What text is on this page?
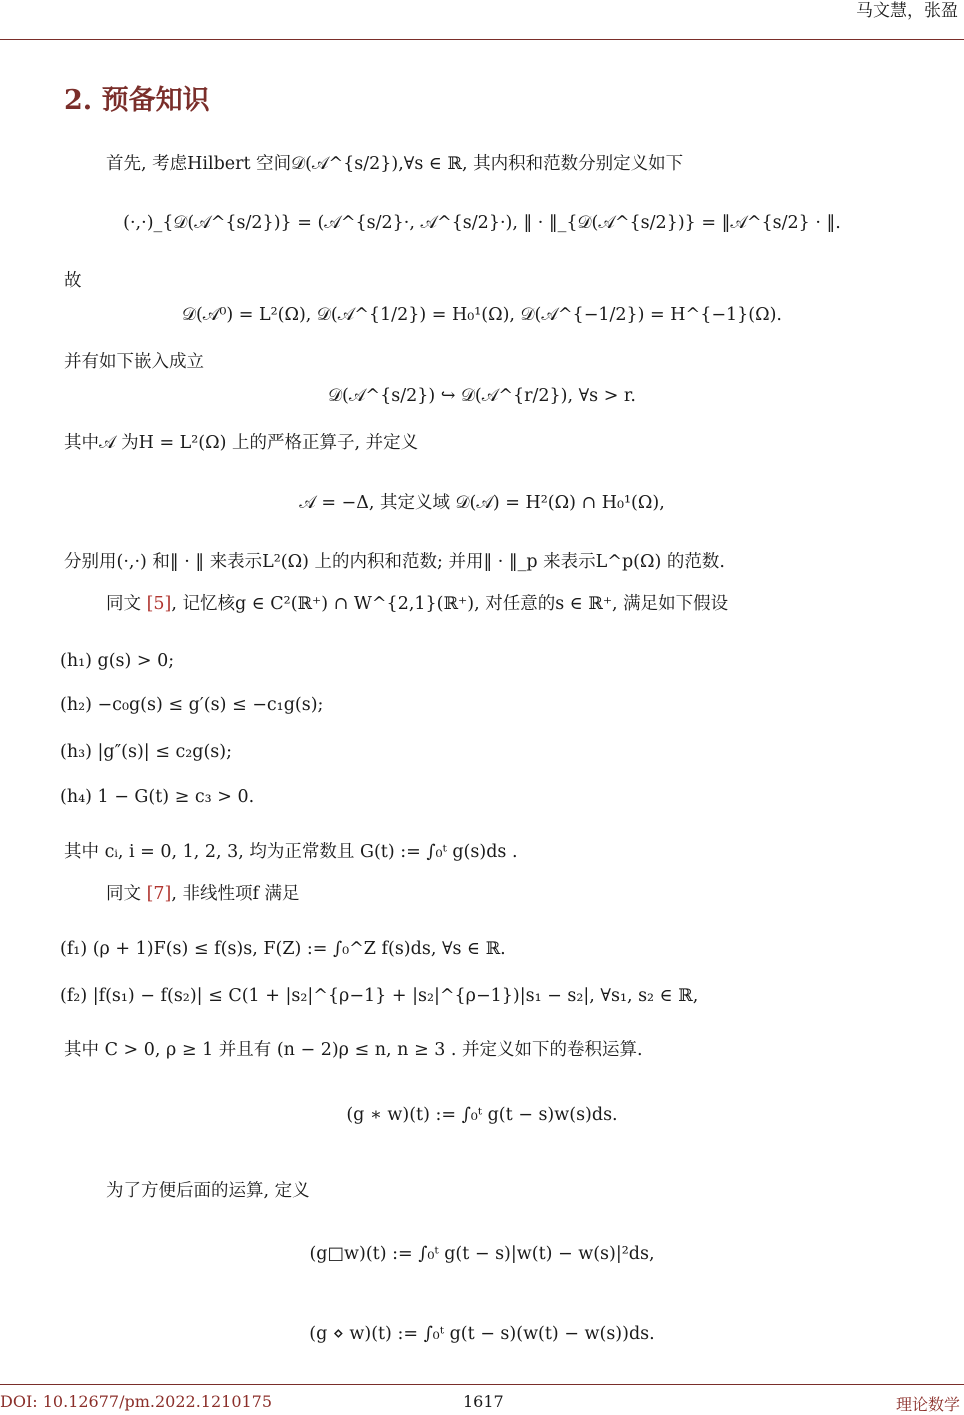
马文慧，张盈
2. 预备知识
首先, 考虑Hilbert 空间𝒟(𝒜^{s/2}),∀s ∈ ℝ, 其内积和范数分别定义如下
(·,·)_{𝒟(𝒜^{s/2})} = (𝒜^{s/2}·, 𝒜^{s/2}·), ‖ · ‖_{𝒟(𝒜^{s/2})} = ‖𝒜^{s/2} · ‖.
故
𝒟(𝒜⁰) = L²(Ω), 𝒟(𝒜^{1/2}) = H₀¹(Ω), 𝒟(𝒜^{−1/2}) = H^{−1}(Ω).
并有如下嵌入成立
𝒟(𝒜^{s/2}) ↪ 𝒟(𝒜^{r/2}), ∀s > r.
其中𝒜 为H = L²(Ω) 上的严格正算子, 并定义
𝒜 = −Δ, 其定义域 𝒟(𝒜) = H²(Ω) ∩ H₀¹(Ω),
分别用(·,·) 和‖ · ‖ 来表示L²(Ω) 上的内积和范数; 并用‖ · ‖_p 来表示L^p(Ω) 的范数.
同文 [5], 记忆核g ∈ C²(ℝ⁺) ∩ W^{2,1}(ℝ⁺), 对任意的s ∈ ℝ⁺, 满足如下假设
(h₁) g(s) > 0;
(h₂) −c₀g(s) ≤ g′(s) ≤ −c₁g(s);
(h₃) |g″(s)| ≤ c₂g(s);
(h₄) 1 − G(t) ≥ c₃ > 0.
其中 cᵢ, i = 0, 1, 2, 3, 均为正常数且 G(t) := ∫₀ᵗ g(s)ds .
同文 [7], 非线性项f 满足
(f₁) (ρ + 1)F(s) ≤ f(s)s, F(Z) := ∫₀^Z f(s)ds, ∀s ∈ ℝ.
(f₂) |f(s₁) − f(s₂)| ≤ C(1 + |s₂|^{ρ−1} + |s₂|^{ρ−1})|s₁ − s₂|, ∀s₁, s₂ ∈ ℝ,
其中 C > 0, ρ ≥ 1 并且有 (n − 2)ρ ≤ n, n ≥ 3 . 并定义如下的卷积运算.
(g ∗ w)(t) := ∫₀ᵗ g(t − s)w(s)ds.
为了方便后面的运算, 定义
(g□w)(t) := ∫₀ᵗ g(t − s)|w(t) − w(s)|²ds,
(g ⋄ w)(t) := ∫₀ᵗ g(t − s)(w(t) − w(s))ds.
DOI: 10.12677/pm.2022.1210175	1617	理论数学
